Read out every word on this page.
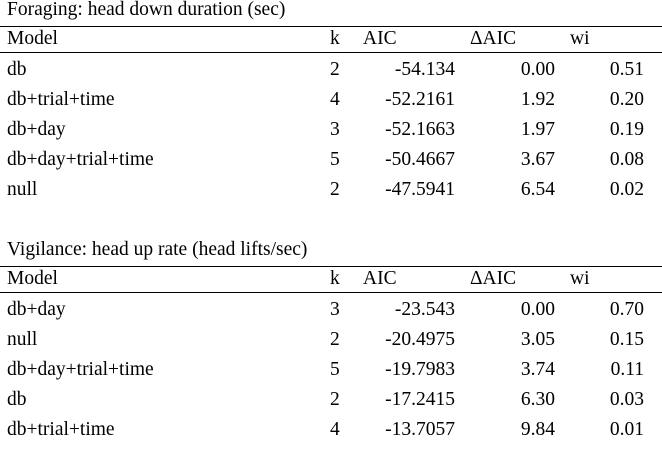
Foraging: head down duration (sec)
Model	k AIC	ΔAIC	wi
db	2	-54.134	0.00	0.51
db+trial+time	4	-52.2161	1.92	0.20
db+day	3	-52.1663	1.97	0.19
db+day+trial+time	5	-50.4667	3.67	0.08
null	2	-47.5941	6.54	0.02
Vigilance: head up rate (head lifts/sec)
Model	k AIC	ΔAIC	wi
db+day	3	-23.543	0.00	0.70
null	2	-20.4975	3.05	0.15
db+day+trial+time	5	-19.7983	3.74	0.11
db	2	-17.2415	6.30	0.03
db+trial+time	4	-13.7057	9.84	0.01
